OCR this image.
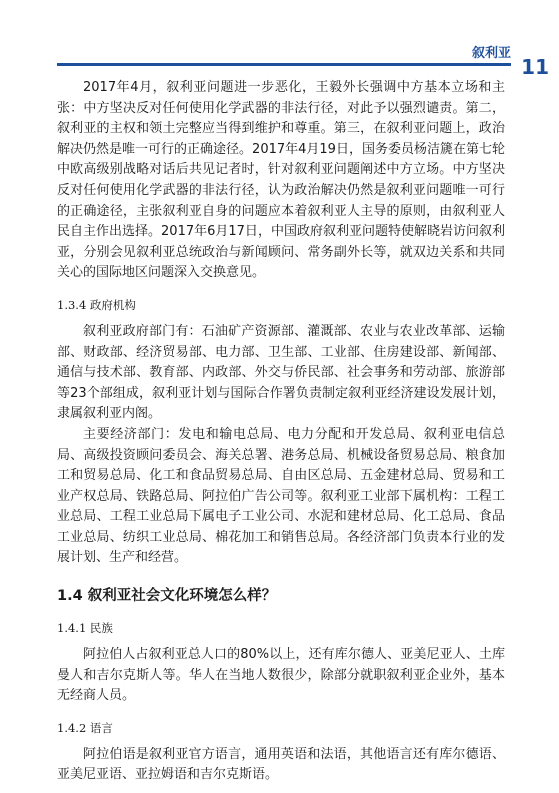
叙利亚
11

2017年4月，叙利亚问题进一步恶化，王毅外长强调中方基本立场和主张：中方坚决反对任何使用化学武器的非法行径，对此予以强烈谴责。第二，叙利亚的主权和领土完整应当得到维护和尊重。第三，在叙利亚问题上，政治解决仍然是唯一可行的正确途径。2017年4月19日，国务委员杨洁篪在第七轮中欧高级别战略对话后共见记者时，针对叙利亚问题阐述中方立场。中方坚决反对任何使用化学武器的非法行径，认为政治解决仍然是叙利亚问题唯一可行的正确途径，主张叙利亚自身的问题应本着叙利亚人主导的原则，由叙利亚人民自主作出选择。2017年6月17日，中国政府叙利亚问题特使解晓岩访问叙利亚，分别会见叙利亚总统政治与新闻顾问、常务副外长等，就双边关系和共同关心的国际地区问题深入交换意见。

1.3.4 政府机构

叙利亚政府部门有：石油矿产资源部、灌溉部、农业与农业改革部、运输部、财政部、经济贸易部、电力部、卫生部、工业部、住房建设部、新闻部、通信与技术部、教育部、内政部、外交与侨民部、社会事务和劳动部、旅游部等23个部组成，叙利亚计划与国际合作署负责制定叙利亚经济建设发展计划，隶属叙利亚内阁。

主要经济部门：发电和输电总局、电力分配和开发总局、叙利亚电信总局、高级投资顾问委员会、海关总署、港务总局、机械设备贸易总局、粮食加工和贸易总局、化工和食品贸易总局、自由区总局、五金建材总局、贸易和工业产权总局、铁路总局、阿拉伯广告公司等。叙利亚工业部下属机构：工程工业总局、工程工业总局下属电子工业公司、水泥和建材总局、化工总局、食品工业总局、纺织工业总局、棉花加工和销售总局。各经济部门负责本行业的发展计划、生产和经营。

1.4 叙利亚社会文化环境怎么样？
1.4.1 民族

阿拉伯人占叙利亚总人口的80%以上，还有库尔德人、亚美尼亚人、土库曼人和吉尔克斯人等。华人在当地人数很少，除部分就职叙利亚企业外，基本无经商人员。

1.4.2 语言

阿拉伯语是叙利亚官方语言，通用英语和法语，其他语言还有库尔德语、亚美尼亚语、亚拉姆语和吉尔克斯语。
